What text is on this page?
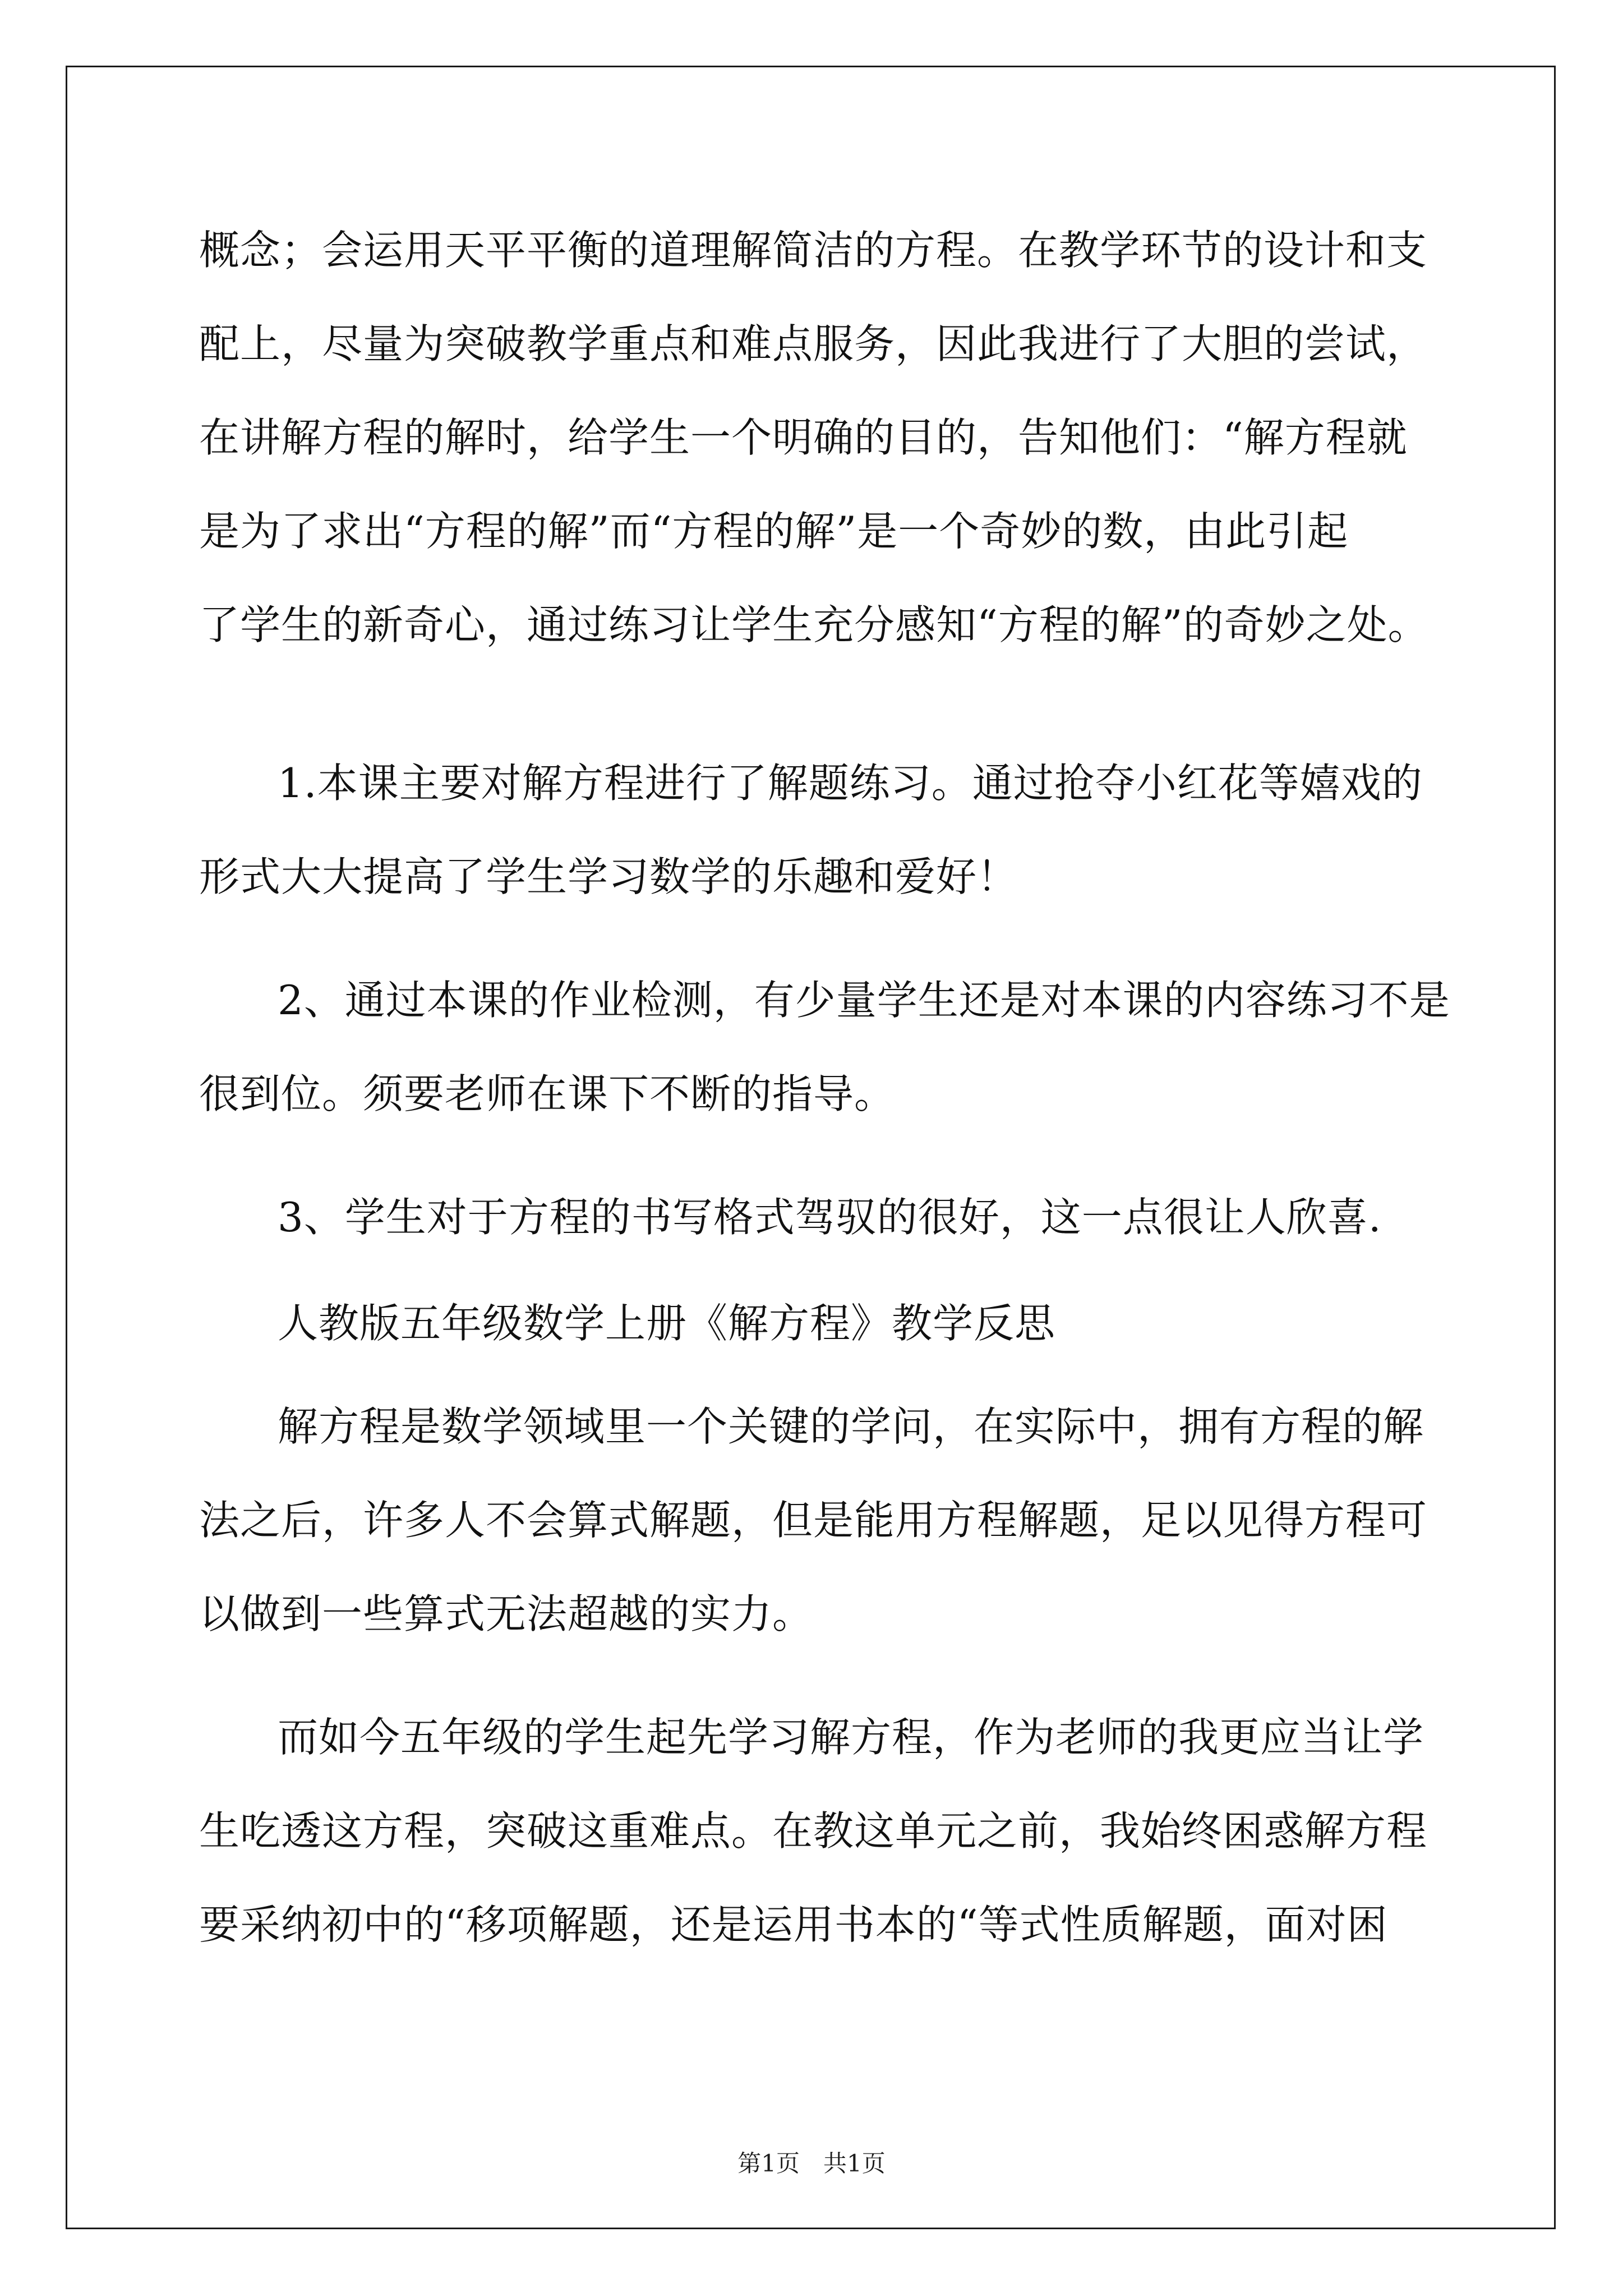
概念；会运用天平平衡的道理解简洁的方程。在教学环节的设计和支
配上，尽量为突破教学重点和难点服务，因此我进行了大胆的尝试，
在讲解方程的解时，给学生一个明确的目的，告知他们：“解方程就
是为了求出“方程的解”而“方程的解”是一个奇妙的数，由此引起
了学生的新奇心，通过练习让学生充分感知“方程的解”的奇妙之处。
1.本课主要对解方程进行了解题练习。通过抢夺小红花等嬉戏的
形式大大提高了学生学习数学的乐趣和爱好！
2、通过本课的作业检测，有少量学生还是对本课的内容练习不是
很到位。须要老师在课下不断的指导。
3、学生对于方程的书写格式驾驭的很好，这一点很让人欣喜.
人教版五年级数学上册《解方程》教学反思
解方程是数学领域里一个关键的学问，在实际中，拥有方程的解
法之后，许多人不会算式解题，但是能用方程解题，足以见得方程可
以做到一些算式无法超越的实力。
而如今五年级的学生起先学习解方程，作为老师的我更应当让学
生吃透这方程，突破这重难点。在教这单元之前，我始终困惑解方程
要采纳初中的“移项解题，还是运用书本的“等式性质解题，面对困
第1页　共1页
